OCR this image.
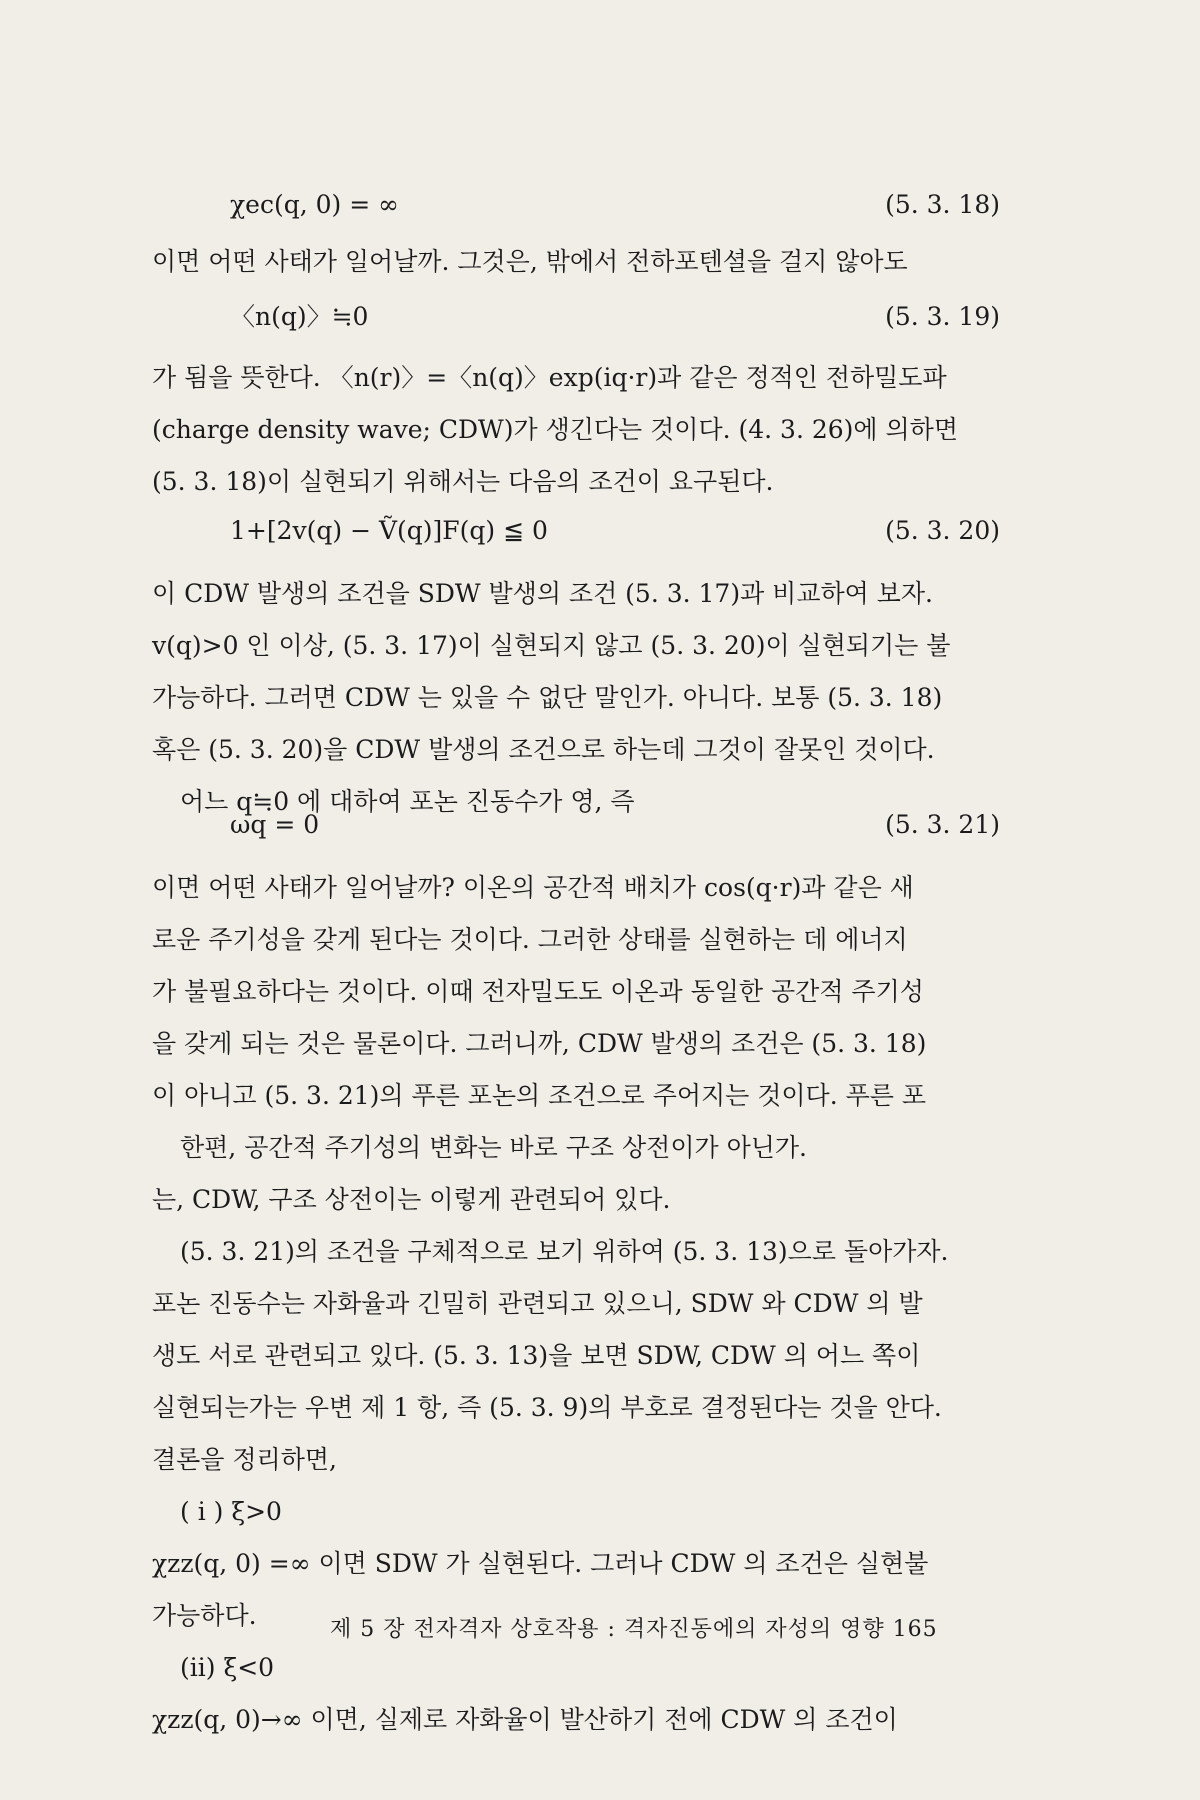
χec(q, 0) = ∞	(5. 3. 18)

이면 어떤 사태가 일어날까. 그것은, 밖에서 전하포텐셜을 걸지 않아도

〈n(q)〉≒0	(5. 3. 19)

가 됨을 뜻한다. 〈n(r)〉=〈n(q)〉exp(iq·r)과 같은 정적인 전하밀도파

(charge density wave; CDW)가 생긴다는 것이다. (4. 3. 26)에 의하면

(5. 3. 18)이 실현되기 위해서는 다음의 조건이 요구된다.

1+[2v(q) − Ṽ(q)]F(q) ≦ 0	(5. 3. 20)

이 CDW 발생의 조건을 SDW 발생의 조건 (5. 3. 17)과 비교하여 보자.

v(q)>0 인 이상, (5. 3. 17)이 실현되지 않고 (5. 3. 20)이 실현되기는 불

가능하다. 그러면 CDW 는 있을 수 없단 말인가. 아니다. 보통 (5. 3. 18)

혹은 (5. 3. 20)을 CDW 발생의 조건으로 하는데 그것이 잘못인 것이다.

어느 q≒0 에 대하여 포논 진동수가 영, 즉

ωq = 0	(5. 3. 21)

이면 어떤 사태가 일어날까? 이온의 공간적 배치가 cos(q·r)과 같은 새

로운 주기성을 갖게 된다는 것이다. 그러한 상태를 실현하는 데 에너지

가 불필요하다는 것이다. 이때 전자밀도도 이온과 동일한 공간적 주기성

을 갖게 되는 것은 물론이다. 그러니까, CDW 발생의 조건은 (5. 3. 18)

이 아니고 (5. 3. 21)의 푸른 포논의 조건으로 주어지는 것이다. 푸른 포

한편, 공간적 주기성의 변화는 바로 구조 상전이가 아닌가.

는, CDW, 구조 상전이는 이렇게 관련되어 있다.

(5. 3. 21)의 조건을 구체적으로 보기 위하여 (5. 3. 13)으로 돌아가자.

포논 진동수는 자화율과 긴밀히 관련되고 있으니, SDW 와 CDW 의 발

생도 서로 관련되고 있다. (5. 3. 13)을 보면 SDW, CDW 의 어느 쪽이

실현되는가는 우변 제 1 항, 즉 (5. 3. 9)의 부호로 결정된다는 것을 안다.

결론을 정리하면,

( i ) ξ>0

χzz(q, 0) =∞ 이면 SDW 가 실현된다. 그러나 CDW 의 조건은 실현불

가능하다.

(ii) ξ<0

χzz(q, 0)→∞ 이면, 실제로 자화율이 발산하기 전에 CDW 의 조건이

제 5 장 전자격자 상호작용 : 격자진동에의 자성의 영향 165
